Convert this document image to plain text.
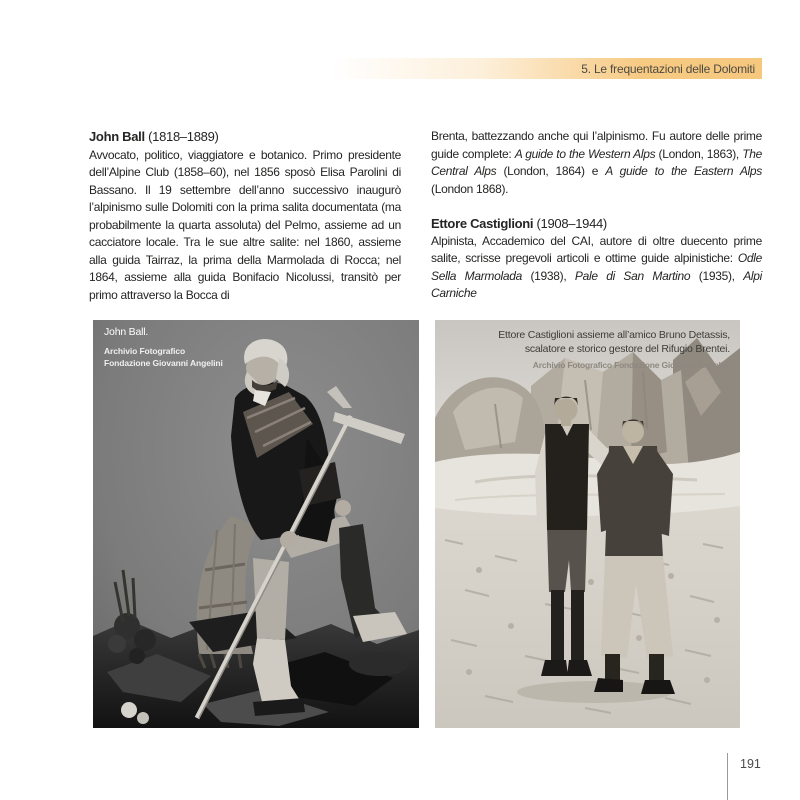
5. Le frequentazioni delle Dolomiti
John Ball (1818–1889)

Avvocato, politico, viaggiatore e botanico. Primo presidente dell’Alpine Club (1858–60), nel 1856 sposò Elisa Parolini di Bassano. Il 19 settembre dell’anno successivo inaugurò l’alpinismo sulle Dolomiti con la prima salita documentata (ma probabilmente la quarta assoluta) del Pelmo, assieme ad un cacciatore locale. Tra le sue altre salite: nel 1860, assieme alla guida Tairraz, la prima della Marmolada di Rocca; nel 1864, assieme alla guida Bonifacio Nicolussi, transitò per primo attraverso la Bocca di

Brenta, battezzando anche qui l’alpinismo. Fu autore delle prime guide complete: A guide to the Western Alps (London, 1863), The Central Alps (London, 1864) e A guide to the Eastern Alps (London 1868).

Ettore Castiglioni (1908–1944)

Alpinista, Accademico del CAI, autore di oltre duecento prime salite, scrisse pregevoli articoli e ottime guide alpinistiche: Odle Sella Marmolada (1938), Pale di San Martino (1935), Alpi Carniche

John Ball.
Archivio Fotografico
Fondazione Giovanni Angelini
Ettore Castiglioni assieme all’amico Bruno Detassis,
scalatore e storico gestore del Rifugio Brentei.
Archivio Fotografico Fondazione Giovanni Angelini
191
